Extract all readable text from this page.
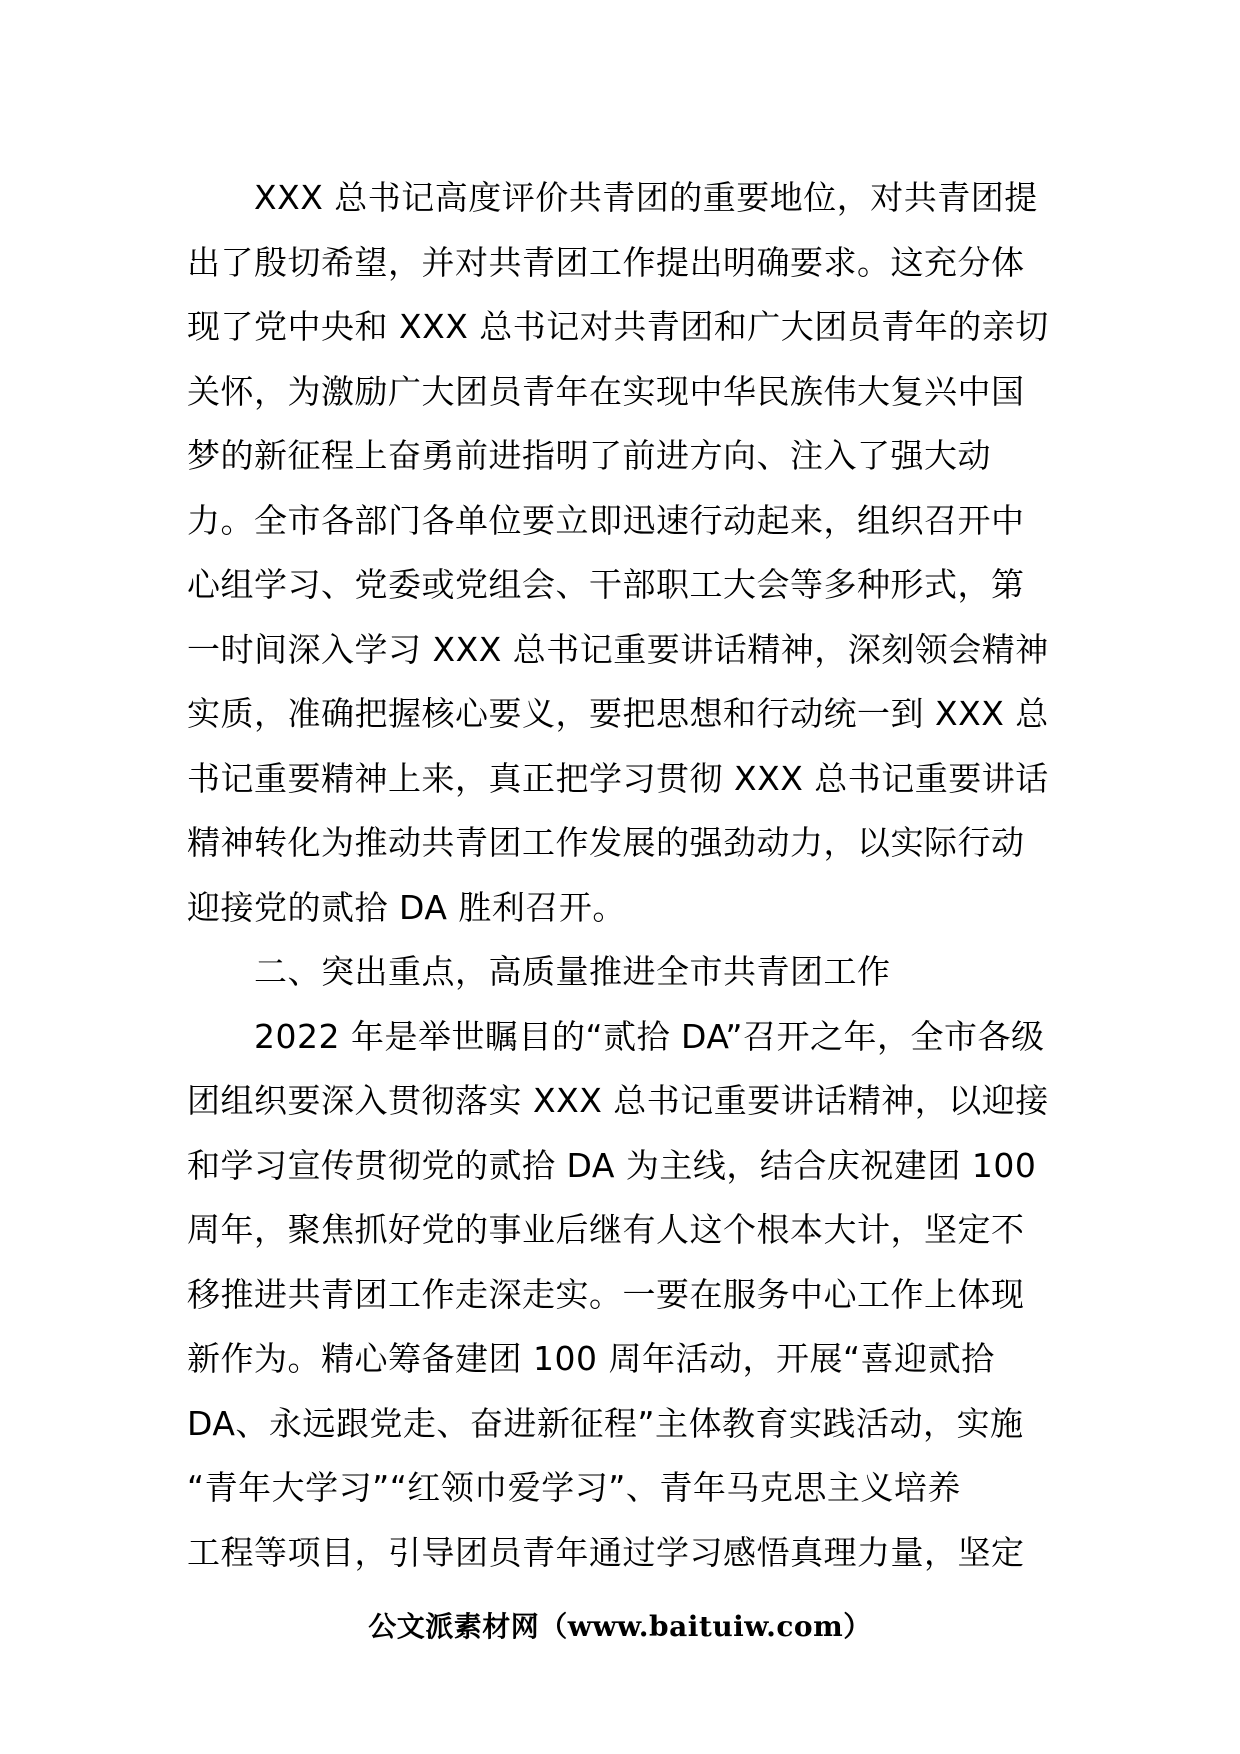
　　XXX 总书记高度评价共青团的重要地位，对共青团提
出了殷切希望，并对共青团工作提出明确要求。这充分体
现了党中央和 XXX 总书记对共青团和广大团员青年的亲切
关怀，为激励广大团员青年在实现中华民族伟大复兴中国
梦的新征程上奋勇前进指明了前进方向、注入了强大动
力。全市各部门各单位要立即迅速行动起来，组织召开中
心组学习、党委或党组会、干部职工大会等多种形式，第
一时间深入学习 XXX 总书记重要讲话精神，深刻领会精神
实质，准确把握核心要义，要把思想和行动统一到 XXX 总
书记重要精神上来，真正把学习贯彻 XXX 总书记重要讲话
精神转化为推动共青团工作发展的强劲动力，以实际行动
迎接党的贰拾 DA 胜利召开。
　　二、突出重点，高质量推进全市共青团工作
　　2022 年是举世瞩目的“贰拾 DA”召开之年，全市各级
团组织要深入贯彻落实 XXX 总书记重要讲话精神，以迎接
和学习宣传贯彻党的贰拾 DA 为主线，结合庆祝建团 100
周年，聚焦抓好党的事业后继有人这个根本大计，坚定不
移推进共青团工作走深走实。一要在服务中心工作上体现
新作为。精心筹备建团 100 周年活动，开展“喜迎贰拾
DA、永远跟党走、奋进新征程”主体教育实践活动，实施
“青年大学习”“红领巾爱学习”、青年马克思主义培养
工程等项目，引导团员青年通过学习感悟真理力量，坚定
公文派素材网（www.baituiw.com）
